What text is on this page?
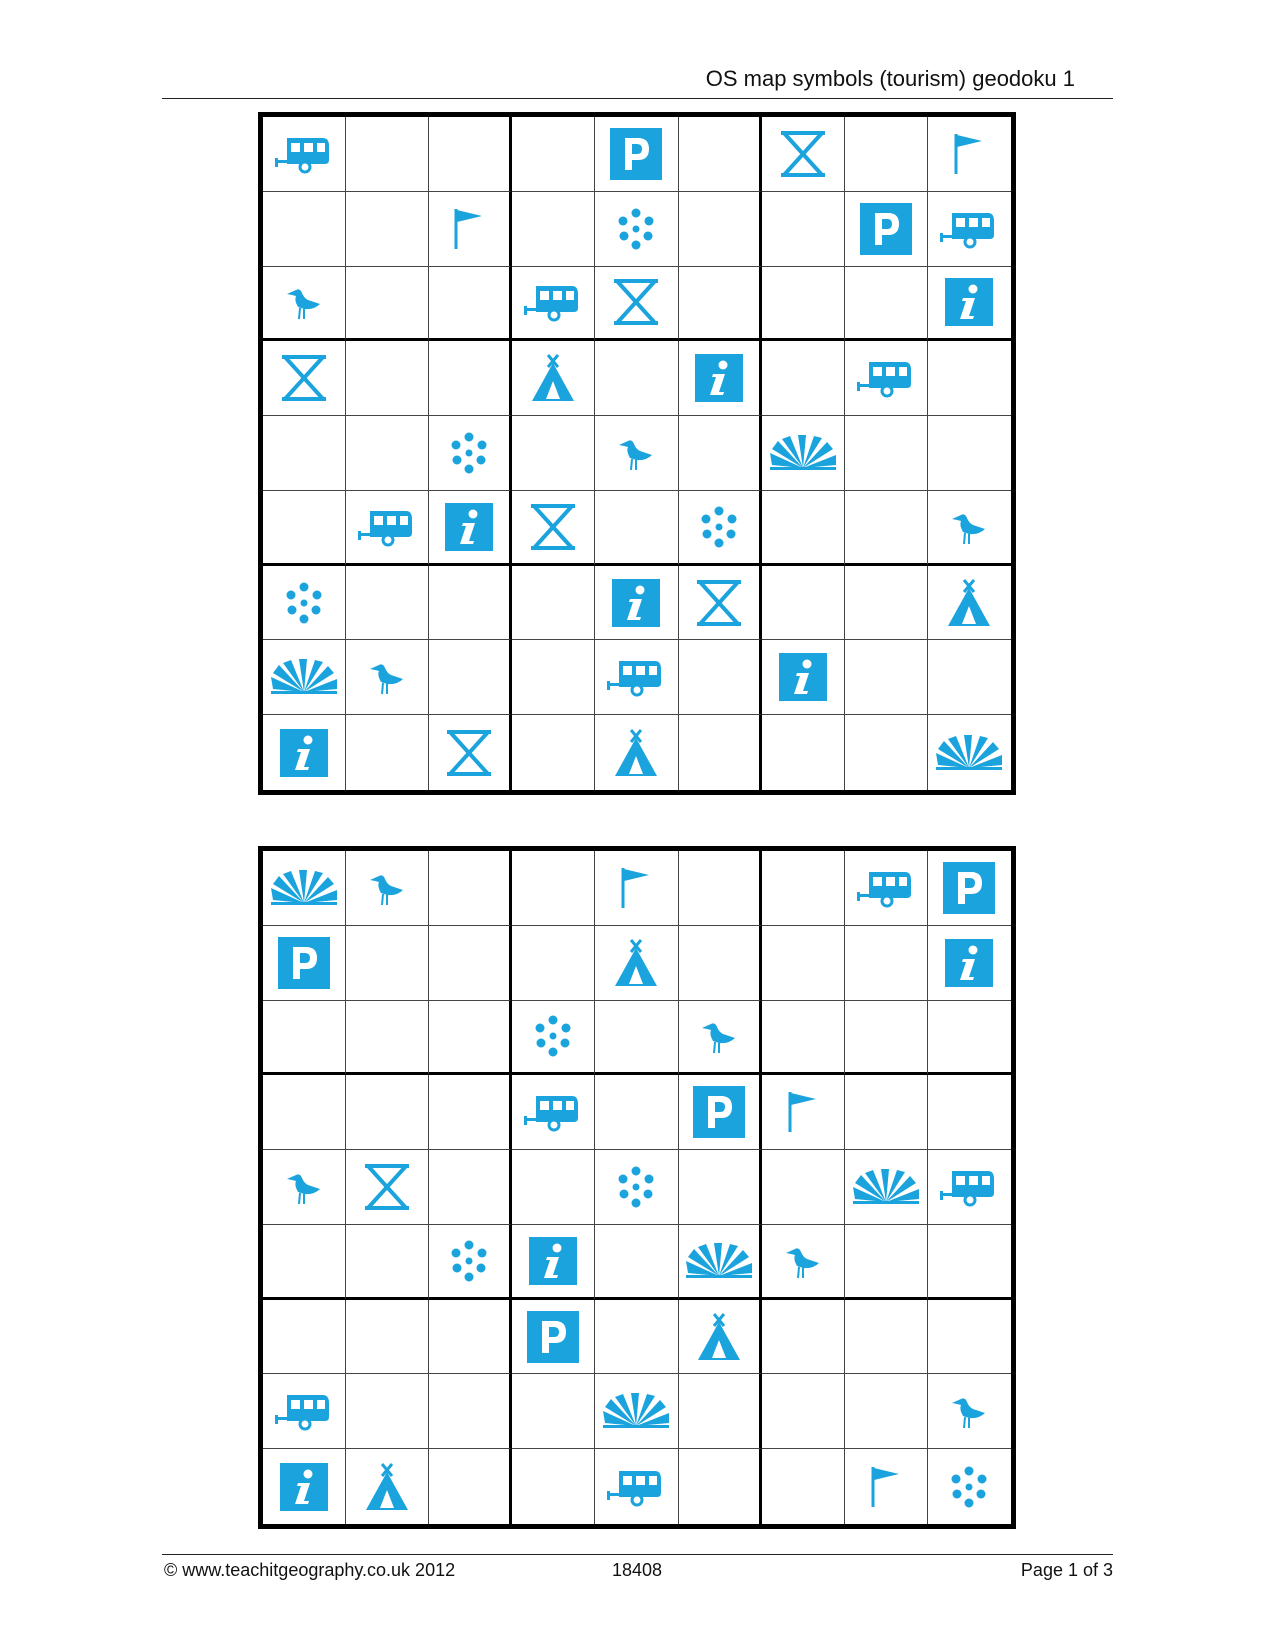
OS map symbols (tourism) geodoku 1
© www.teachitgeography.co.uk 2012	18408	Page 1 of 3
